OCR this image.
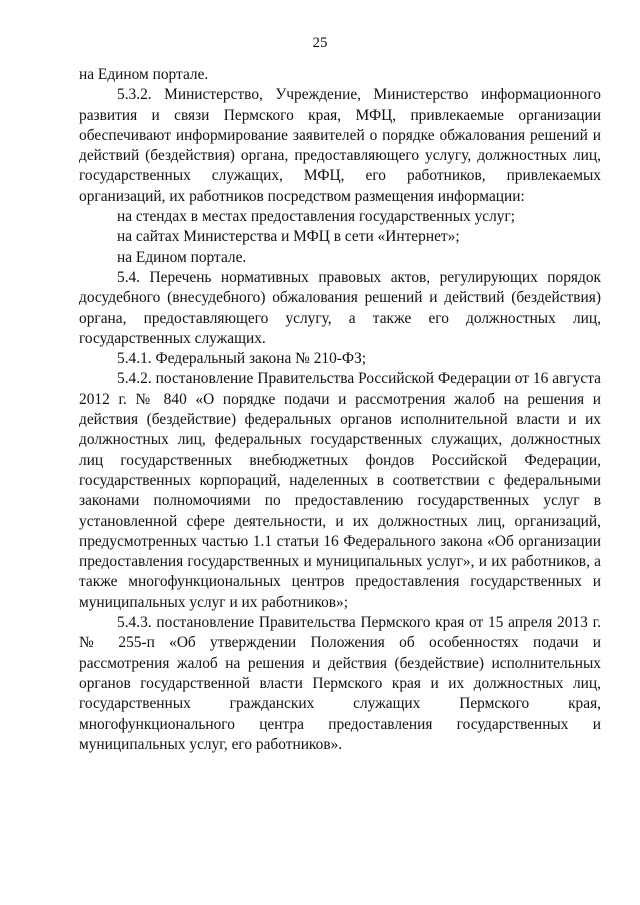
25

на Едином портале.

5.3.2. Министерство, Учреждение, Министерство информационного развития и связи Пермского края, МФЦ, привлекаемые организации обеспечивают информирование заявителей о порядке обжалования решений и действий (бездействия) органа, предоставляющего услугу, должностных лиц, государственных служащих, МФЦ, его работников, привлекаемых организаций, их работников посредством размещения информации:

на стендах в местах предоставления государственных услуг;

на сайтах Министерства и МФЦ в сети «Интернет»;

на Едином портале.

5.4. Перечень нормативных правовых актов, регулирующих порядок досудебного (внесудебного) обжалования решений и действий (бездействия) органа, предоставляющего услугу, а также его должностных лиц, государственных служащих.

5.4.1. Федеральный закона № 210-ФЗ;

5.4.2. постановление Правительства Российской Федерации от 16 августа 2012 г. № 840 «О порядке подачи и рассмотрения жалоб на решения и действия (бездействие) федеральных органов исполнительной власти и их должностных лиц, федеральных государственных служащих, должностных лиц государственных внебюджетных фондов Российской Федерации, государственных корпораций, наделенных в соответствии с федеральными законами полномочиями по предоставлению государственных услуг в установленной сфере деятельности, и их должностных лиц, организаций, предусмотренных частью 1.1 статьи 16 Федерального закона «Об организации предоставления государственных и муниципальных услуг», и их работников, а также многофункциональных центров предоставления государственных и муниципальных услуг и их работников»;

5.4.3. постановление Правительства Пермского края от 15 апреля 2013 г. № 255-п «Об утверждении Положения об особенностях подачи и рассмотрения жалоб на решения и действия (бездействие) исполнительных органов государственной власти Пермского края и их должностных лиц, государственных гражданских служащих Пермского края, многофункционального центра предоставления государственных и муниципальных услуг, его работников».
